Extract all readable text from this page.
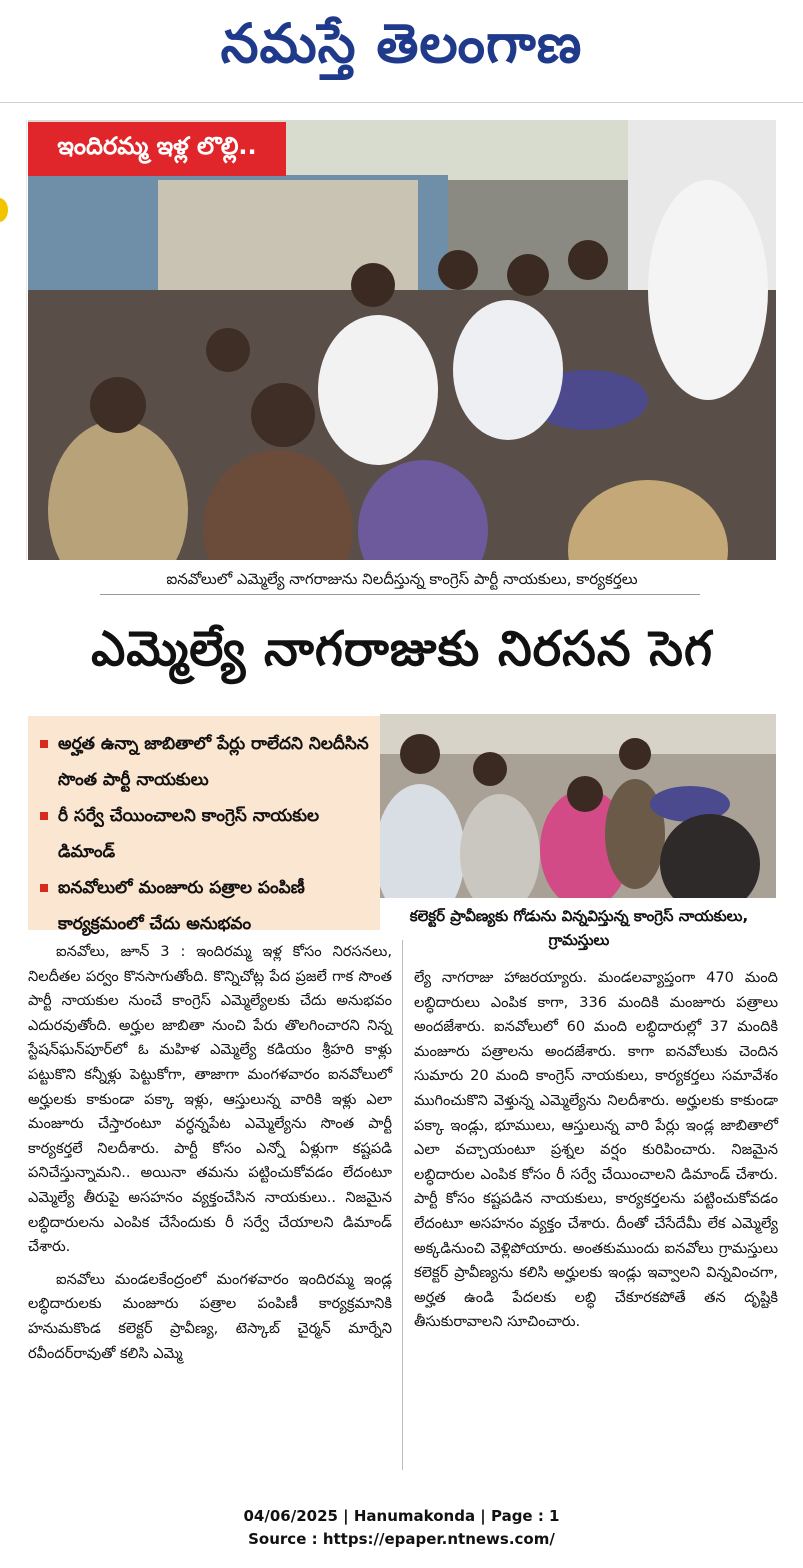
నమస్తే తెలంగాణ
ఇందిరమ్మ ఇళ్ల లొల్లి..
ఐనవోలులో ఎమ్మెల్యే నాగరాజును నిలదీస్తున్న కాంగ్రెస్ పార్టీ నాయకులు, కార్యకర్తలు
ఎమ్మెల్యే నాగరాజుకు నిరసన సెగ
అర్హత ఉన్నా జాబితాలో పేర్లు రాలేదని నిలదీసిన సొంత పార్టీ నాయకులు
రీ సర్వే చేయించాలని కాంగ్రెస్ నాయకుల డిమాండ్
ఐనవోలులో మంజూరు పత్రాల పంపిణీ కార్యక్రమంలో చేదు అనుభవం	కలెక్టర్ ప్రావీణ్యకు గోడును విన్నవిస్తున్న కాంగ్రెస్ నాయకులు, గ్రామస్తులు

ఐనవోలు, జూన్ 3 : ఇందిరమ్మ ఇళ్ల కోసం నిరసనలు, నిలదీతల పర్వం కొనసాగుతోంది. కొన్నిచోట్ల పేద ప్రజలే గాక సొంత పార్టీ నాయకుల నుంచే కాంగ్రెస్ ఎమ్మెల్యేలకు చేదు అనుభవం ఎదురవుతోంది. అర్హుల జాబితా నుంచి పేరు తొలగించారని నిన్న స్టేషన్‌ఘన్‌పూర్‌లో ఓ మహిళ ఎమ్మెల్యే కడియం శ్రీహరి కాళ్లు పట్టుకొని కన్నీళ్లు పెట్టుకోగా, తాజాగా మంగళవారం ఐనవోలులో అర్హులకు కాకుండా పక్కా ఇళ్లు, ఆస్తులున్న వారికి ఇళ్లు ఎలా మంజూరు చేస్తారంటూ వర్ధన్నపేట ఎమ్మెల్యేను సొంత పార్టీ కార్యకర్తలే నిలదీశారు. పార్టీ కోసం ఎన్నో ఏళ్లుగా కష్టపడి పనిచేస్తున్నామని.. అయినా తమను పట్టించుకోవడం లేదంటూ ఎమ్మెల్యే తీరుపై అసహనం వ్యక్తంచేసిన నాయకులు.. నిజమైన లబ్ధిదారులను ఎంపిక చేసేందుకు రీ సర్వే చేయాలని డిమాండ్ చేశారు.

ఐనవోలు మండలకేంద్రంలో మంగళవారం ఇందిరమ్మ ఇండ్ల లబ్ధిదారులకు మంజూరు పత్రాల పంపిణీ కార్యక్రమానికి హనుమకొండ కలెక్టర్ ప్రావీణ్య, టెస్కాబ్ చైర్మన్ మార్నేని రవీందర్‌రావుతో కలిసి ఎమ్మె

ల్యే నాగరాజు హాజరయ్యారు. మండలవ్యాప్తంగా 470 మంది లబ్ధిదారులు ఎంపిక కాగా, 336 మందికి మంజూరు పత్రాలు అందజేశారు. ఐనవోలులో 60 మంది లబ్ధిదారుల్లో 37 మందికి మంజూరు పత్రాలను అందజేశారు. కాగా ఐనవోలుకు చెందిన సుమారు 20 మంది కాంగ్రెస్ నాయకులు, కార్యకర్తలు సమావేశం ముగించుకొని వెళ్తున్న ఎమ్మెల్యేను నిలదీశారు. అర్హులకు కాకుండా పక్కా ఇండ్లు, భూములు, ఆస్తులున్న వారి పేర్లు ఇండ్ల జాబితాలో ఎలా వచ్చాయంటూ ప్రశ్నల వర్షం కురిపించారు. నిజమైన లబ్ధిదారుల ఎంపిక కోసం రీ సర్వే చేయించాలని డిమాండ్ చేశారు. పార్టీ కోసం కష్టపడిన నాయకులు, కార్యకర్తలను పట్టించుకోవడం లేదంటూ అసహనం వ్యక్తం చేశారు. దీంతో చేసేదేమీ లేక ఎమ్మెల్యే అక్కడినుంచి వెళ్లిపోయారు. అంతకుముందు ఐనవోలు గ్రామస్తులు కలెక్టర్ ప్రావీణ్యను కలిసి అర్హులకు ఇండ్లు ఇవ్వాలని విన్నవించగా, అర్హత ఉండి పేదలకు లబ్ధి చేకూరకపోతే తన దృష్టికి తీసుకురావాలని సూచించారు.

04/06/2025 | Hanumakonda | Page : 1
Source : https://epaper.ntnews.com/
